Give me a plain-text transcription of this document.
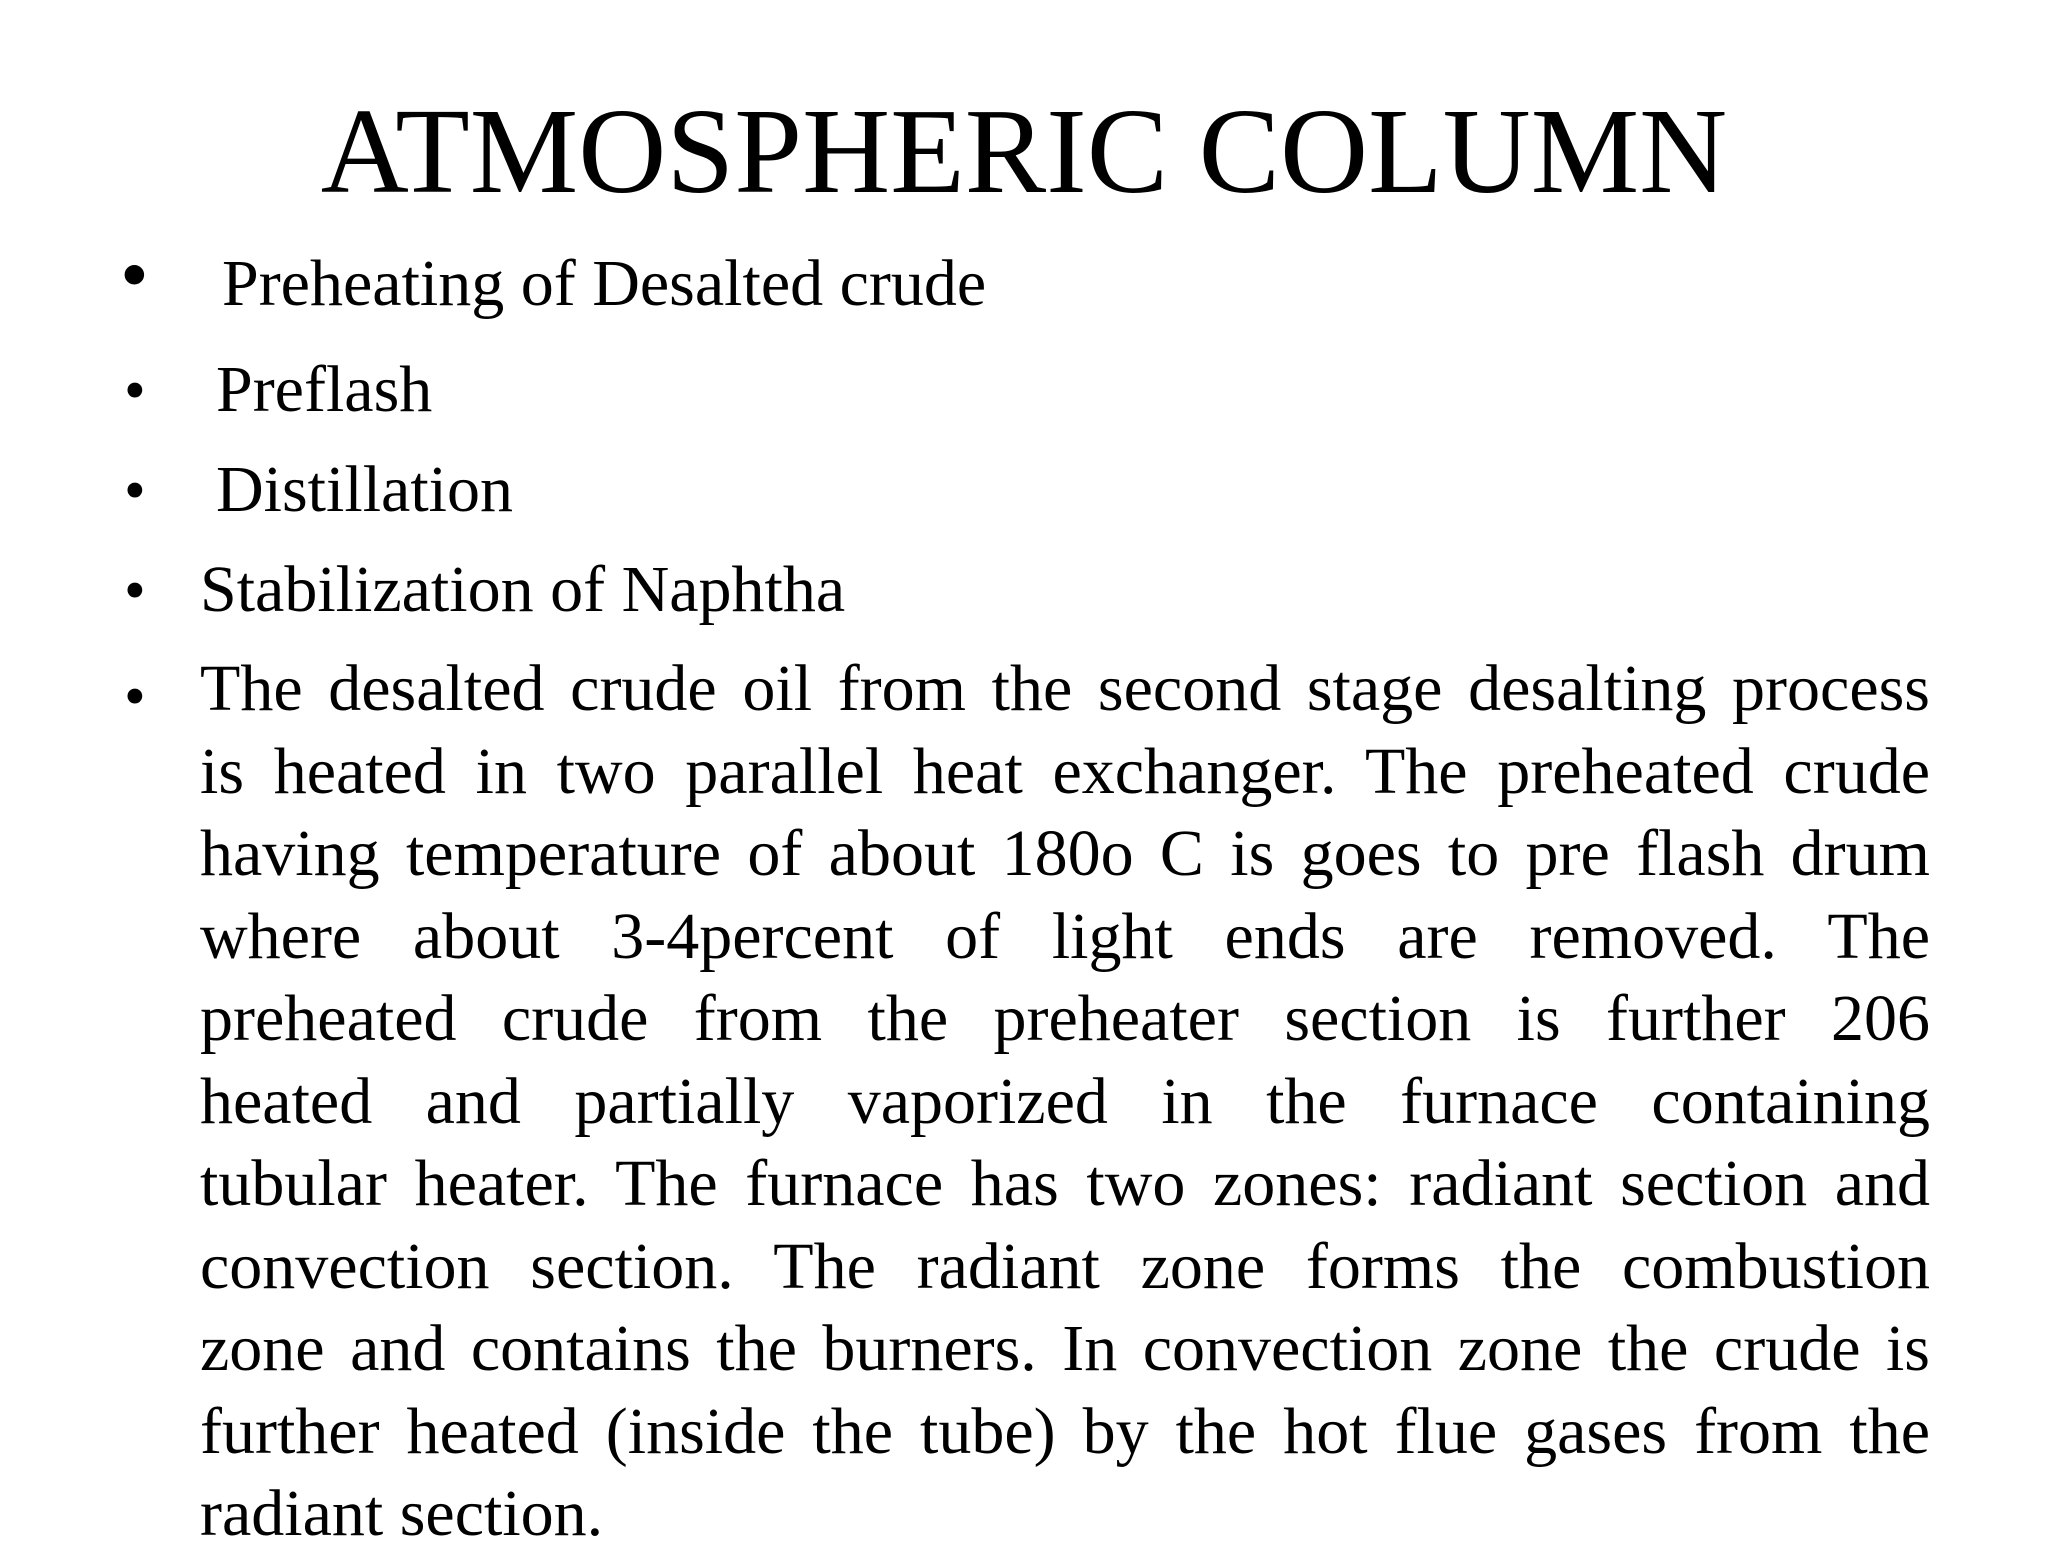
ATMOSPHERIC COLUMN
• Preheating of Desalted crude
• Preflash
• Distillation
• Stabilization of Naphtha
• The desalted crude oil from the second stage desalting process
is heated in two parallel heat exchanger. The preheated crude
having temperature of about 180o C is goes to pre flash drum
where about 3-4percent of light ends are removed. The
preheated crude from the preheater section is further 206
heated and partially vaporized in the furnace containing
tubular heater. The furnace has two zones: radiant section and
convection section. The radiant zone forms the combustion
zone and contains the burners. In convection zone the crude is
further heated (inside the tube) by the hot flue gases from the
radiant section.
